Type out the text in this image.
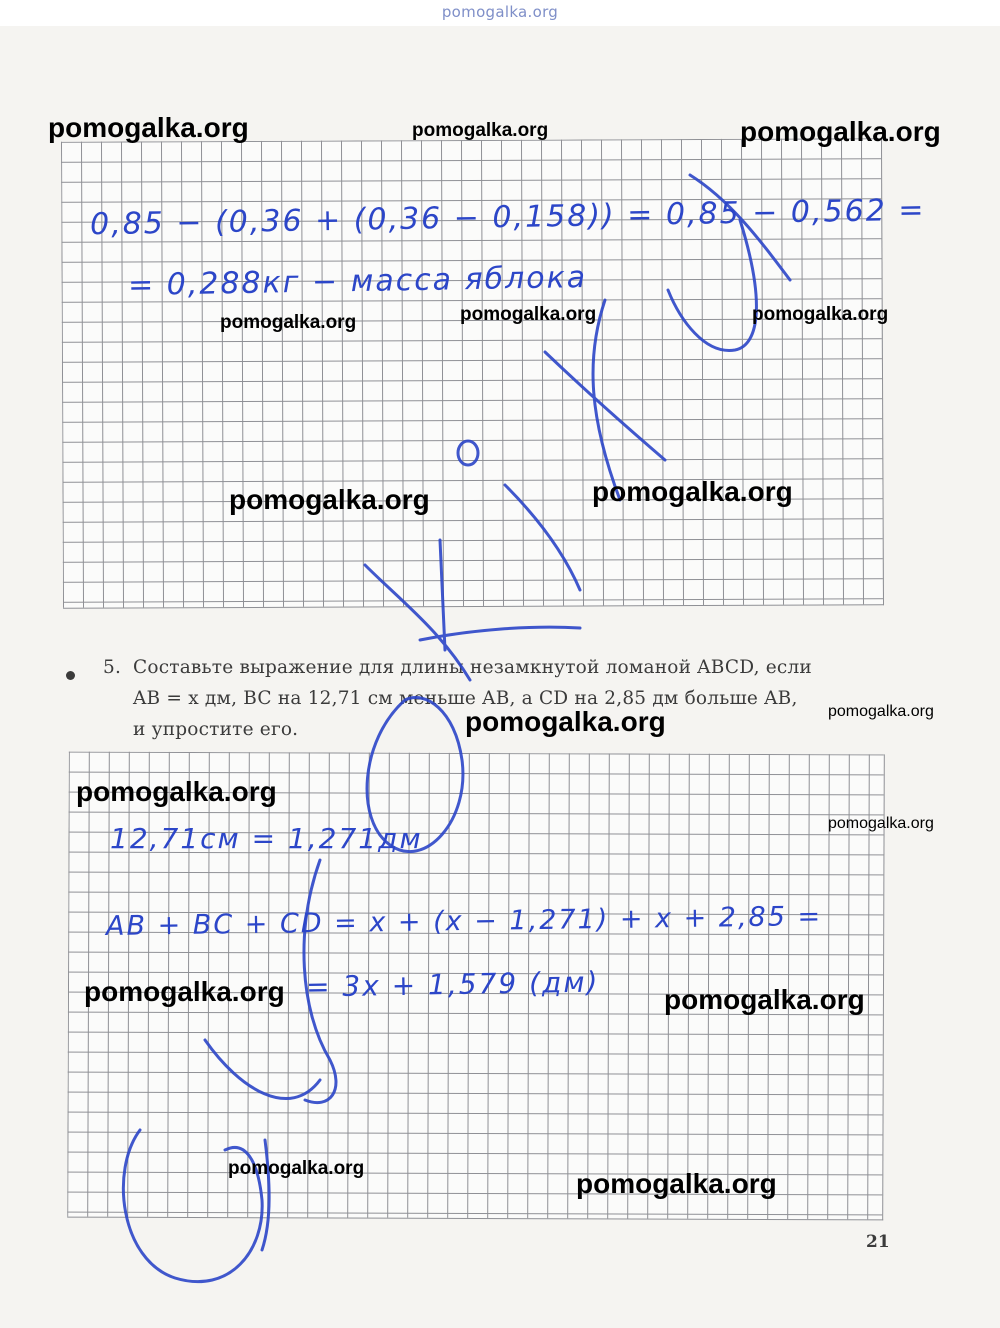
pomogalka.org
0,85 − (0,36 + (0,36 − 0,158)) = 0,85 − 0,562 =
= 0,288кг − масса яблока
5. Составьте выражение для длины незамкнутой ломаной ABCD, если
AB = x дм, BC на 12,71 см меньше AB, а CD на 2,85 дм больше AB,
и упростите его.
12,71см = 1,271дм
AB + BC + CD = x + (x − 1,271) + x + 2,85 =
= 3x + 1,579 (дм)
21
pomogalka.org	pomogalka.org	pomogalka.org
pomogalka.org	pomogalka.org	pomogalka.org
pomogalka.org	pomogalka.org
pomogalka.org	pomogalka.org
pomogalka.org
pomogalka.org
pomogalka.org	pomogalka.org
pomogalka.org	pomogalka.org
